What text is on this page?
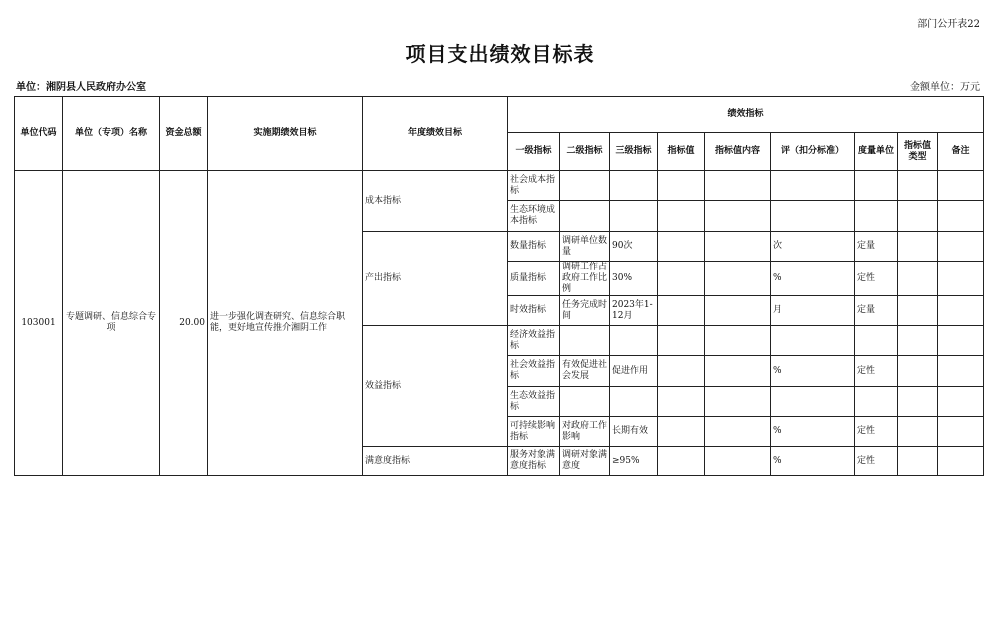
部门公开表22
项目支出绩效目标表
单位：湘阴县人民政府办公室	金额单位：万元
单位代码	单位（专项）名称	资金总额	实施期绩效目标	年度绩效目标	绩效指标								
					一级指标	二级指标	三级指标	指标值	指标值内容	评（扣分标准）	度量单位	指标值类型	备注
103001	专题调研、信息综合专项	20.00	进一步强化调查研究、信息综合职能，更好地宣传推介湘阴工作	成本指标	社会成本指标								
					生态环境成本指标								
				产出指标	数量指标	调研单位数量	90次			次	定量		
					质量指标	调研工作占政府工作比例	30%			%	定性		
					时效指标	任务完成时间	2023年1-12月			月	定量		
				效益指标	经济效益指标								
					社会效益指标	有效促进社会发展	促进作用			%	定性		
					生态效益指标								
					可持续影响指标	对政府工作影响	长期有效			%	定性		
				满意度指标	服务对象满意度指标	调研对象满意度	≥95%			%	定性		
